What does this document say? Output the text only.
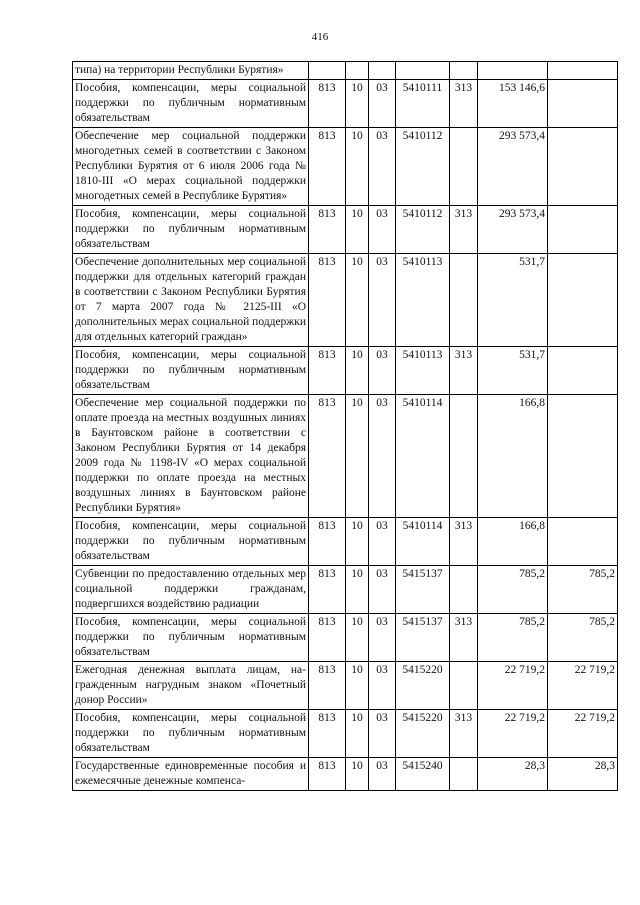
416
типа) на территории Республики Бурятия»							
Пособия, компенсации, меры социальной поддержки по публичным нормативным обязательствам	813	10	03	5410111	313	153 146,6	
Обеспечение мер социальной поддержки многодетных семей в соответствии с Законом Республики Бурятия от 6 июля 2006 года № 1810-III «О мерах социальной поддержки многодетных семей в Республике Бурятия»	813	10	03	5410112		293 573,4	
Пособия, компенсации, меры социальной поддержки по публичным нормативным обязательствам	813	10	03	5410112	313	293 573,4	
Обеспечение дополнительных мер социальной поддержки для отдельных категорий граждан в соответствии с Законом Республики Бурятия от 7 марта 2007 года № 2125-III «О дополнительных мерах социальной поддержки для отдельных категорий граждан»	813	10	03	5410113		531,7	
Пособия, компенсации, меры социальной поддержки по публичным нормативным обязательствам	813	10	03	5410113	313	531,7	
Обеспечение мер социальной поддержки по оплате проезда на местных воздушных линиях в Баунтовском районе в соответствии с Законом Республики Бурятия от 14 декабря 2009 года № 1198-IV «О мерах социальной поддержки по оплате проезда на местных воздушных линиях в Баунтовском районе Республики Бурятия»	813	10	03	5410114		166,8	
Пособия, компенсации, меры социальной поддержки по публичным нормативным обязательствам	813	10	03	5410114	313	166,8	
Субвенции по предоставлению отдельных мер социальной поддержки гражданам, подвергшихся воздействию радиации	813	10	03	5415137		785,2	785,2
Пособия, компенсации, меры социальной поддержки по публичным нормативным обязательствам	813	10	03	5415137	313	785,2	785,2
Ежегодная денежная выплата лицам, награжденным нагрудным знаком «Почетный донор России»	813	10	03	5415220		22 719,2	22 719,2
Пособия, компенсации, меры социальной поддержки по публичным нормативным обязательствам	813	10	03	5415220	313	22 719,2	22 719,2
Государственные единовременные пособия и ежемесячные денежные компенса-	813	10	03	5415240		28,3	28,3
